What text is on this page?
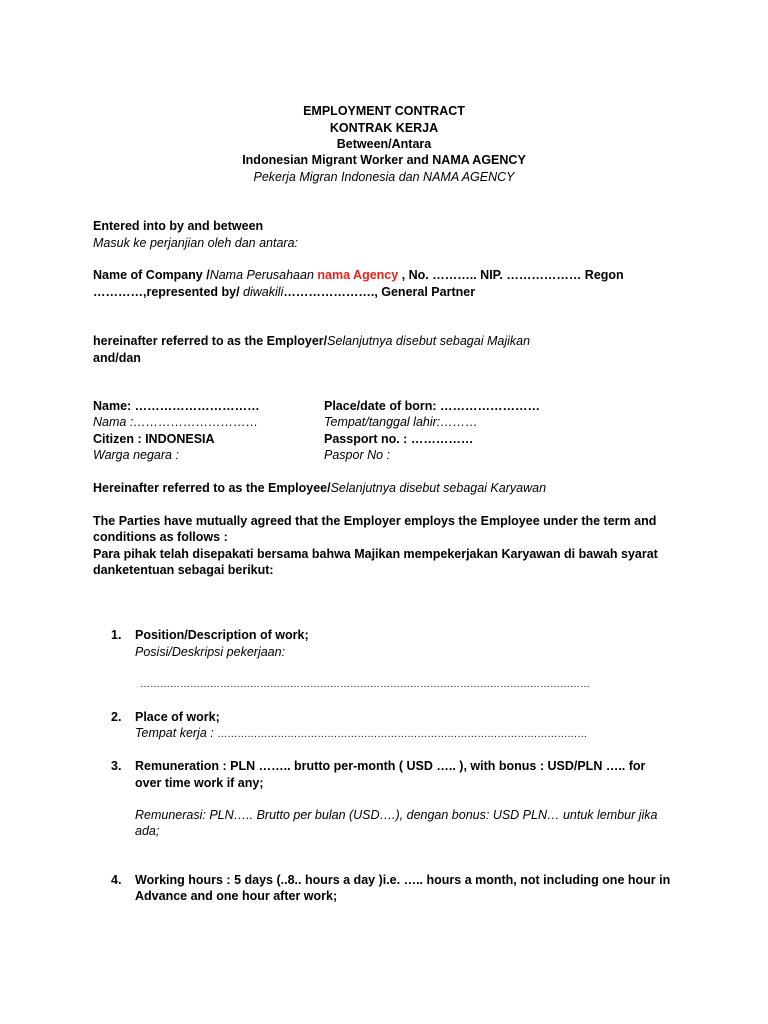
EMPLOYMENT CONTRACT
KONTRAK KERJA
Between/Antara
Indonesian Migrant Worker and NAMA AGENCY
Pekerja Migran Indonesia dan NAMA AGENCY
Entered into by and between
Masuk ke perjanjian oleh dan antara:
Name of Company /Nama Perusahaan nama Agency , No. ……….. NIP. ……………… Regon
…………,represented by/ diwakili…………………., General Partner
hereinafter referred to as the Employer/Selanjutnya disebut sebagai Majikan
and/dan
Name: …………………………
Nama :…………………………
Citizen : INDONESIA
Warga negara :
Place/date of born: ……………………
Tempat/tanggal lahir:………
Passport no. : ……………
Paspor No :
Hereinafter referred to as the Employee/Selanjutnya disebut sebagai Karyawan
The Parties have mutually agreed that the Employer employs the Employee under the term and
conditions as follows :
Para pihak telah disepakati bersama bahwa Majikan mempekerjakan Karyawan di bawah syarat
danketentuan sebagai berikut:
1. Position/Description of work;
Posisi/Deskripsi pekerjaan:
………………………………………………………………………………………………………………………
2. Place of work;
Tempat kerja : …………………………………………………………………………………………………
3. Remuneration : PLN …….. brutto per-month ( USD ….. ), with bonus : USD/PLN ….. for
over time work if any;
Remunerasi: PLN….. Brutto per bulan (USD….), dengan bonus: USD PLN… untuk lembur jika
ada;
4. Working hours : 5 days (..8.. hours a day )i.e. ….. hours a month, not including one hour in
Advance and one hour after work;
